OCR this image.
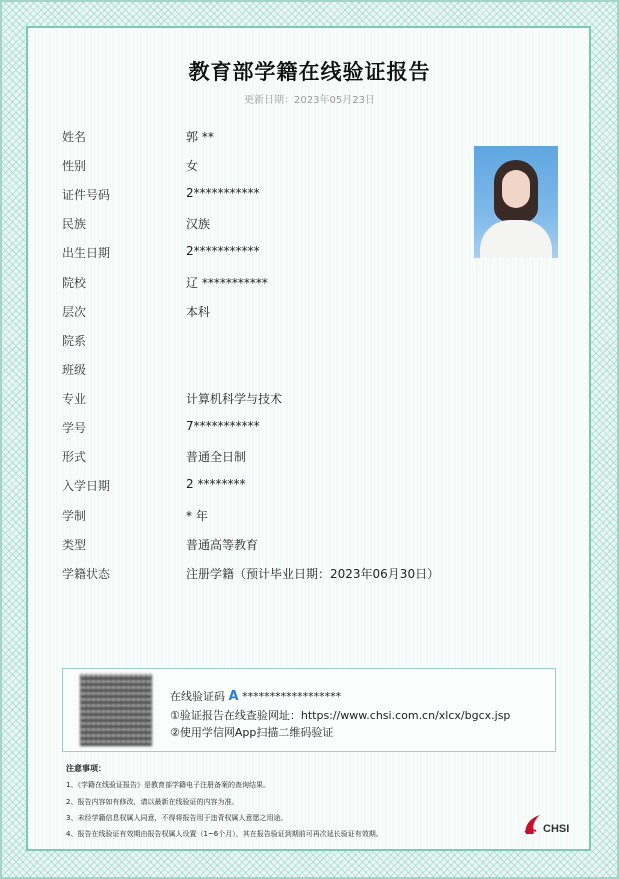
教育部学籍在线验证报告
更新日期：2023年05月23日
姓名	郭 **
性别	女
证件号码	2***********
民族	汉族
出生日期	2***********
院校	辽 ***********
层次	本科
院系
班级
专业	计算机科学与技术
学号	7***********
形式	普通全日制
入学日期	2 ********
学制	* 年
类型	普通高等教育
学籍状态	注册学籍（预计毕业日期：2023年06月30日）
在线验证码 A ******************
①验证报告在线查验网址：https://www.chsi.com.cn/xlcx/bgcx.jsp
②使用学信网App扫描二维码验证
注意事项：
1、《学籍在线验证报告》是教育部学籍电子注册备案的查询结果。
2、报告内容如有修改，请以最新在线验证的内容为准。
3、未经学籍信息权属人同意，不得将报告用于违背权属人意愿之用途。
4、报告在线验证有效期由报告权属人设置（1~6个月），其在报告验证到期前可再次延长验证有效期。	CHSI
